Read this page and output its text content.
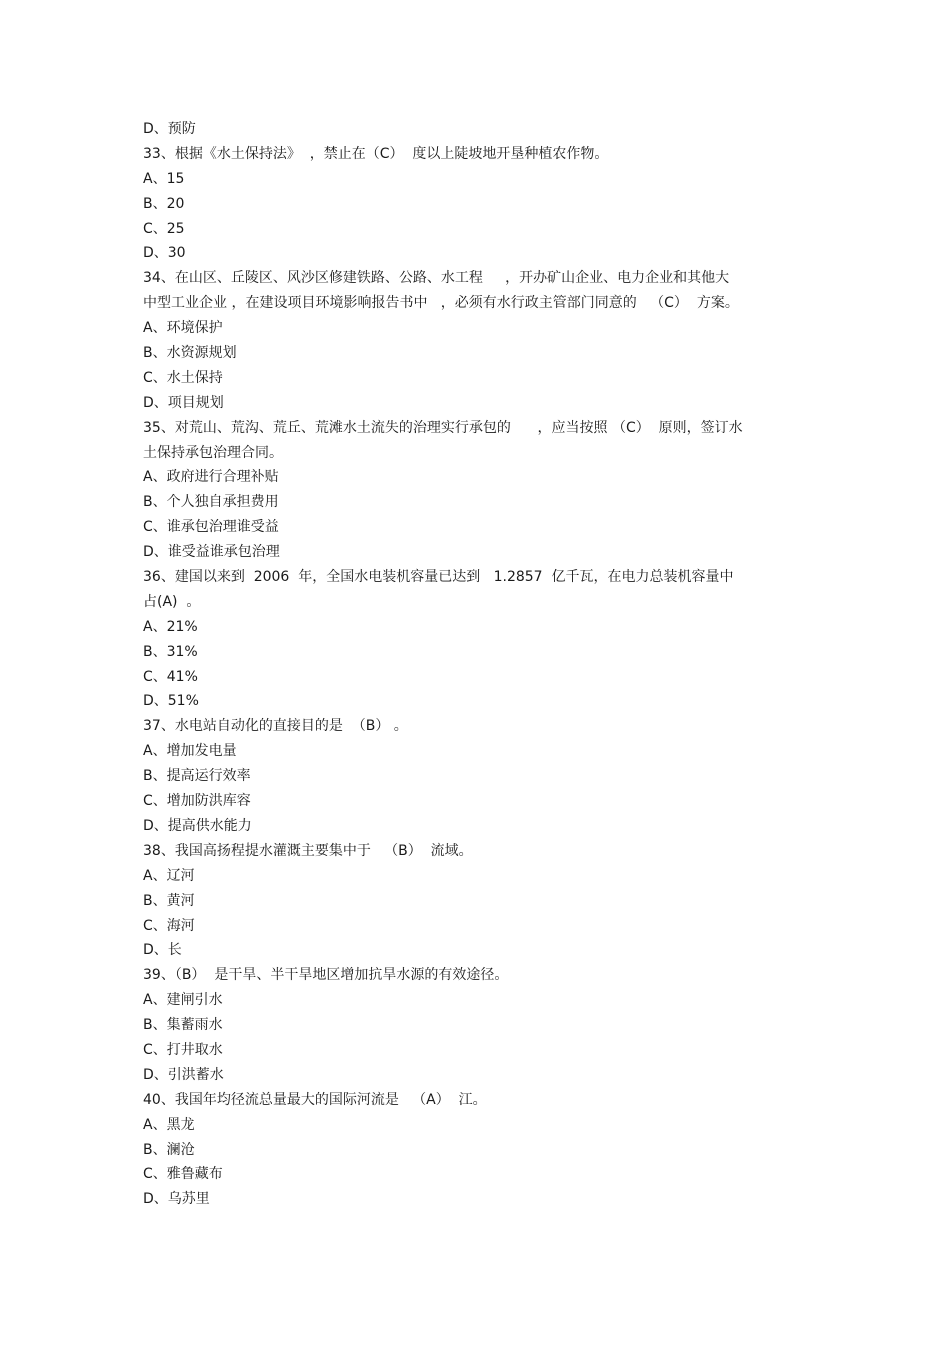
D、预防
33、根据《水土保持法》  ，禁止在（C）  度以上陡坡地开垦种植农作物。
A、15
B、20
C、25
D、30
34、在山区、丘陵区、风沙区修建铁路、公路、水工程     ，开办矿山企业、电力企业和其他大
中型工业企业 ，在建设项目环境影响报告书中   ，必须有水行政主管部门同意的   （C）  方案。
A、环境保护
B、水资源规划
C、水土保持
D、项目规划
35、对荒山、荒沟、荒丘、荒滩水土流失的治理实行承包的      ，应当按照 （C）  原则，签订水
土保持承包治理合同。
A、政府进行合理补贴
B、个人独自承担费用
C、谁承包治理谁受益
D、谁受益谁承包治理
36、建国以来到  2006  年，全国水电装机容量已达到   1.2857  亿千瓦，在电力总装机容量中
占(A)  。
A、21%
B、31%
C、41%
D、51%
37、水电站自动化的直接目的是  （B） 。
A、增加发电量
B、提高运行效率
C、增加防洪库容
D、提高供水能力
38、我国高扬程提水灌溉主要集中于   （B）  流域。
A、辽河
B、黄河
C、海河
D、长
39、（B）  是干旱、半干旱地区增加抗旱水源的有效途径。
A、建闸引水
B、集蓄雨水
C、打井取水
D、引洪蓄水
40、我国年均径流总量最大的国际河流是   （A）  江。
A、黑龙
B、澜沧
C、雅鲁藏布
D、乌苏里
